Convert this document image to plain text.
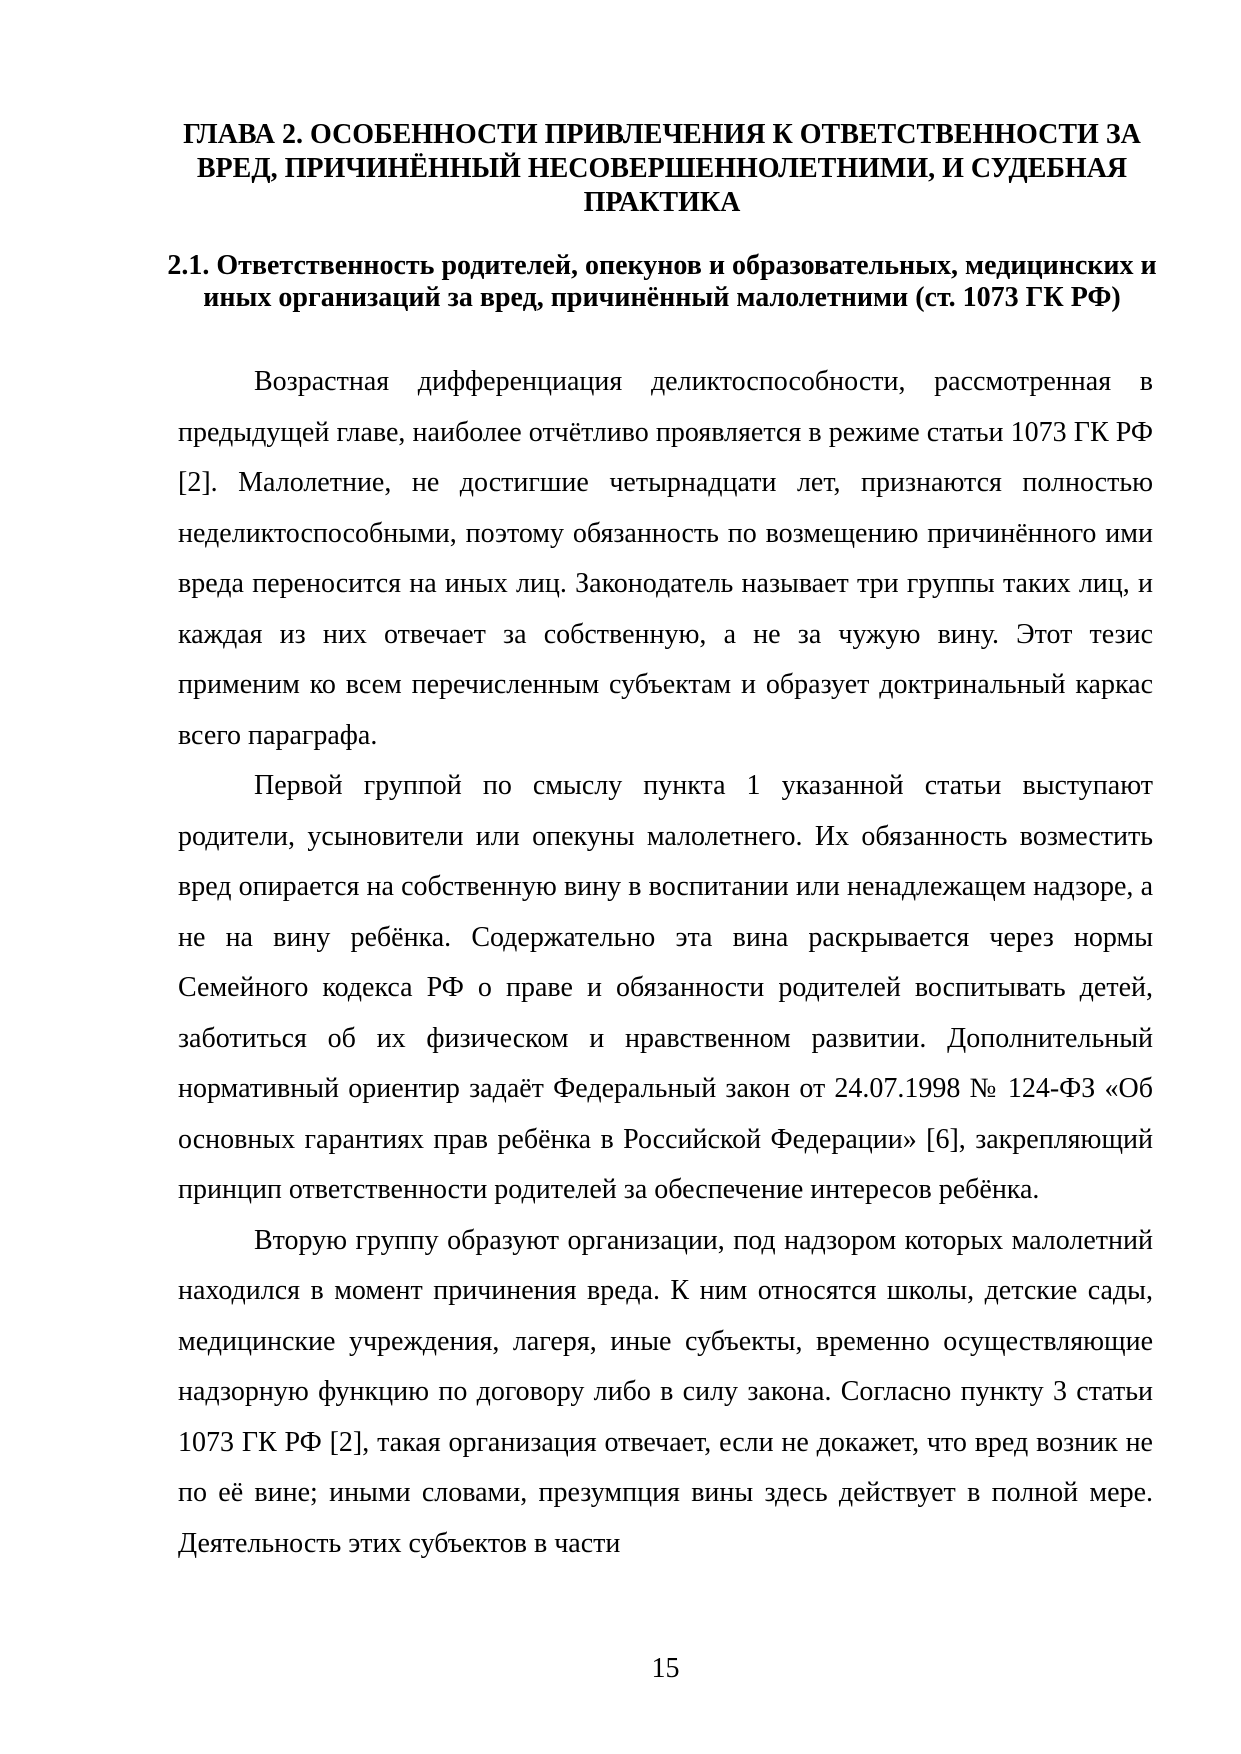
ГЛАВА 2. ОСОБЕННОСТИ ПРИВЛЕЧЕНИЯ К ОТВЕТСТВЕННОСТИ ЗА ВРЕД, ПРИЧИНЁННЫЙ НЕСОВЕРШЕННОЛЕТНИМИ, И СУДЕБНАЯ ПРАКТИКА
2.1. Ответственность родителей, опекунов и образовательных, медицинских и иных организаций за вред, причинённый малолетними (ст. 1073 ГК РФ)

Возрастная дифференциация деликтоспособности, рассмотренная в предыдущей главе, наиболее отчётливо проявляется в режиме статьи 1073 ГК РФ [2]. Малолетние, не достигшие четырнадцати лет, признаются полностью неделиктоспособными, поэтому обязанность по возмещению причинённого ими вреда переносится на иных лиц. Законодатель называет три группы таких лиц, и каждая из них отвечает за собственную, а не за чужую вину. Этот тезис применим ко всем перечисленным субъектам и образует доктринальный каркас всего параграфа.

Первой группой по смыслу пункта 1 указанной статьи выступают родители, усыновители или опекуны малолетнего. Их обязанность возместить вред опирается на собственную вину в воспитании или ненадлежащем надзоре, а не на вину ребёнка. Содержательно эта вина раскрывается через нормы Семейного кодекса РФ о праве и обязанности родителей воспитывать детей, заботиться об их физическом и нравственном развитии. Дополнительный нормативный ориентир задаёт Федеральный закон от 24.07.1998 № 124-ФЗ «Об основных гарантиях прав ребёнка в Российской Федерации» [6], закрепляющий принцип ответственности родителей за обеспечение интересов ребёнка.

Вторую группу образуют организации, под надзором которых малолетний находился в момент причинения вреда. К ним относятся школы, детские сады, медицинские учреждения, лагеря, иные субъекты, временно осуществляющие надзорную функцию по договору либо в силу закона. Согласно пункту 3 статьи 1073 ГК РФ [2], такая организация отвечает, если не докажет, что вред возник не по её вине; иными словами, презумпция вины здесь действует в полной мере. Деятельность этих субъектов в части

15
